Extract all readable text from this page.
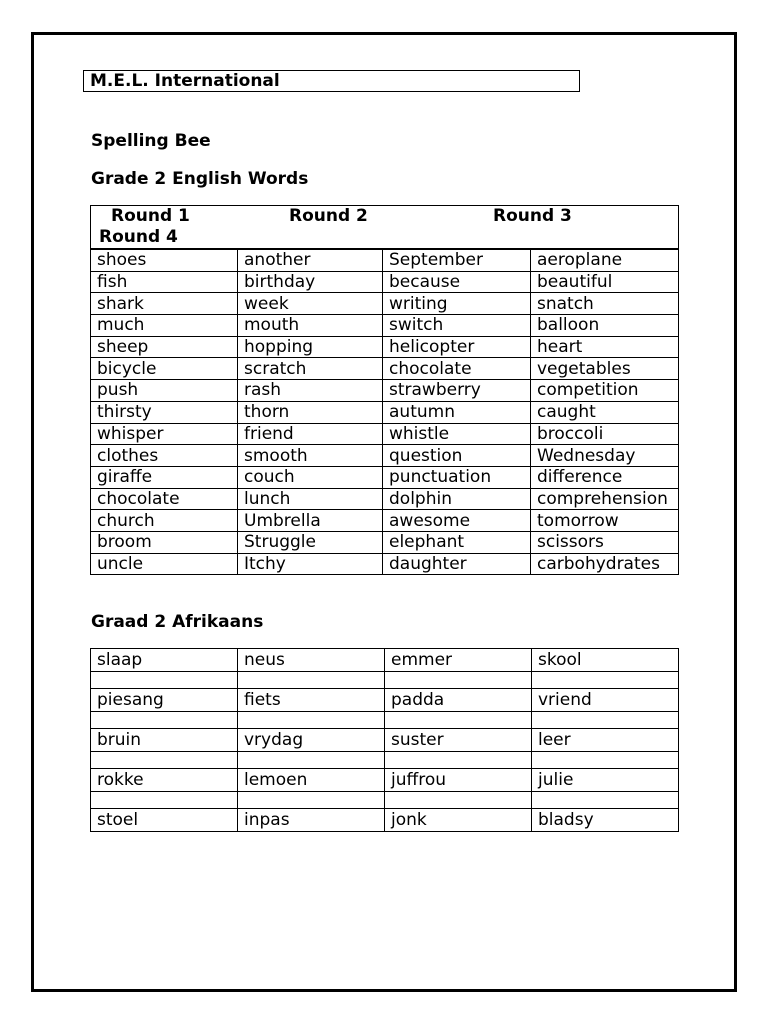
M.E.L. International
Spelling Bee
Grade 2 English Words
Round 1 Round 2 Round 3
Round 4			

shoes	another	September	aeroplane
fish	birthday	because	beautiful
shark	week	writing	snatch
much	mouth	switch	balloon
sheep	hopping	helicopter	heart
bicycle	scratch	chocolate	vegetables
push	rash	strawberry	competition
thirsty	thorn	autumn	caught
whisper	friend	whistle	broccoli
clothes	smooth	question	Wednesday
giraffe	couch	punctuation	difference
chocolate	lunch	dolphin	comprehension
church	Umbrella	awesome	tomorrow
broom	Struggle	elephant	scissors
uncle	Itchy	daughter	carbohydrates
Graad 2 Afrikaans
slaap	neus	emmer	skool

piesang	fiets	padda	vriend

bruin	vrydag	suster	leer

rokke	lemoen	juffrou	julie

stoel	inpas	jonk	bladsy
